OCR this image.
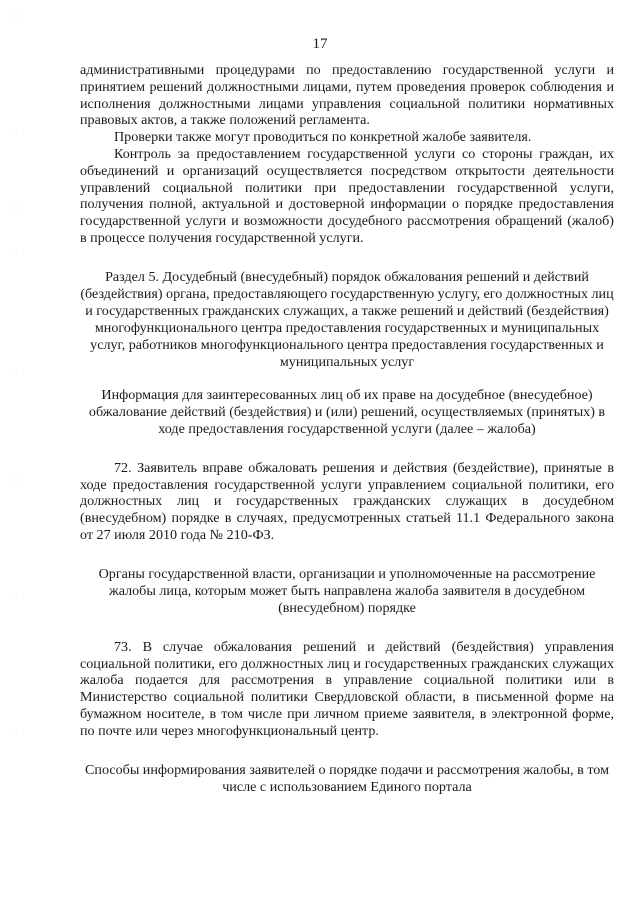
17

административными процедурами по предоставлению государственной услуги и принятием решений должностными лицами, путем проведения проверок соблюдения и исполнения должностными лицами управления социальной политики нормативных правовых актов, а также положений регламента.

Проверки также могут проводиться по конкретной жалобе заявителя.

Контроль за предоставлением государственной услуги со стороны граждан, их объединений и организаций осуществляется посредством открытости деятельности управлений социальной политики при предоставлении государственной услуги, получения полной, актуальной и достоверной информации о порядке предоставления государственной услуги и возможности досудебного рассмотрения обращений (жалоб) в процессе получения государственной услуги.

Раздел 5. Досудебный (внесудебный) порядок обжалования решений и действий (бездействия) органа, предоставляющего государственную услугу, его должностных лиц и государственных гражданских служащих, а также решений и действий (бездействия) многофункционального центра предоставления государственных и муниципальных услуг, работников многофункционального центра предоставления государственных и муниципальных услуг

Информация для заинтересованных лиц об их праве на досудебное (внесудебное) обжалование действий (бездействия) и (или) решений, осуществляемых (принятых) в ходе предоставления государственной услуги (далее – жалоба)

72. Заявитель вправе обжаловать решения и действия (бездействие), принятые в ходе предоставления государственной услуги управлением социальной политики, его должностных лиц и государственных гражданских служащих в досудебном (внесудебном) порядке в случаях, предусмотренных статьей 11.1 Федерального закона от 27 июля 2010 года № 210-ФЗ.

Органы государственной власти, организации и уполномоченные на рассмотрение жалобы лица, которым может быть направлена жалоба заявителя в досудебном (внесудебном) порядке

73. В случае обжалования решений и действий (бездействия) управления социальной политики, его должностных лиц и государственных гражданских служащих жалоба подается для рассмотрения в управление социальной политики или в Министерство социальной политики Свердловской области, в письменной форме на бумажном носителе, в том числе при личном приеме заявителя, в электронной форме, по почте или через многофункциональный центр.

Способы информирования заявителей о порядке подачи и рассмотрения жалобы, в том числе с использованием Единого портала

· ·
· ·
· ·
· ·
· ·
· ·
· ·
· ·
